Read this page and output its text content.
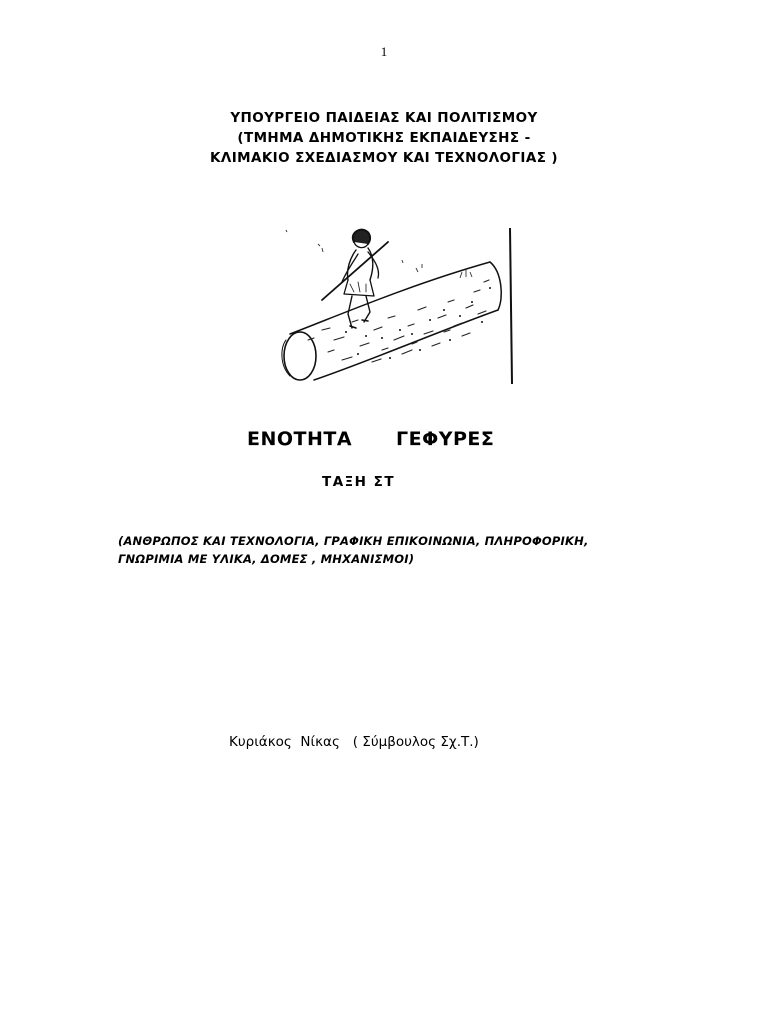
1
ΥΠΟΥΡΓΕΙΟ ΠΑΙΔΕΙΑΣ ΚΑΙ ΠΟΛΙΤΙΣΜΟΥ
(ΤΜΗΜΑ ΔΗΜΟΤΙΚΗΣ ΕΚΠΑΙΔΕΥΣΗΣ -
ΚΛΙΜΑΚΙΟ ΣΧΕΔΙΑΣΜΟΥ ΚΑΙ ΤΕΧΝΟΛΟΓΙΑΣ )
ΕΝΟΤΗΤΑ ΓΕΦΥΡΕΣ
ΤΑΞΗ ΣΤ
(ΑΝΘΡΩΠΟΣ ΚΑΙ ΤΕΧΝΟΛΟΓΙΑ, ΓΡΑΦΙΚΗ ΕΠΙΚΟΙΝΩΝΙΑ, ΠΛΗΡΟΦΟΡΙΚΗ,
ΓΝΩΡΙΜΙΑ ΜΕ ΥΛΙΚΑ, ΔΟΜΕΣ , ΜΗΧΑΝΙΣΜΟΙ)
Κυριάκος  Νίκας   ( Σύμβουλος Σχ.Τ.)
